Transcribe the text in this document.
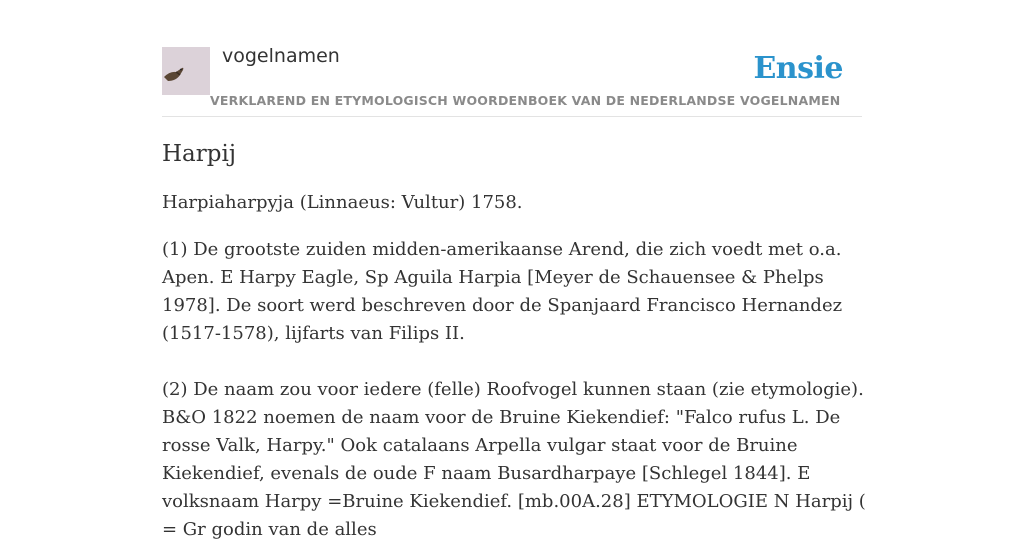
vogelnamen
VERKLAREND EN ETYMOLOGISCH WOORDENBOEK VAN DE NEDERLANDSE VOGELNAMEN
Ensie
Harpij

Harpiaharpyja (Linnaeus: Vultur) 1758.

(1) De grootste zuiden midden-amerikaanse Arend, die zich voedt met o.a. Apen. E Harpy Eagle, Sp Aguila Harpia [Meyer de Schauensee & Phelps 1978]. De soort werd beschreven door de Spanjaard Francisco Hernandez (1517-1578), lijfarts van Filips II.

(2) De naam zou voor iedere (felle) Roofvogel kunnen staan (zie etymologie). B&O 1822 noemen de naam voor de Bruine Kiekendief: "Falco rufus L. De rosse Valk, Harpy." Ook catalaans Arpella vulgar staat voor de Bruine Kiekendief, evenals de oude F naam Busardharpaye [Schlegel 1844]. E volksnaam Harpy =Bruine Kiekendief. [mb.00A.28] ETYMOLOGIE N Harpij ( = Gr godin van de alles
